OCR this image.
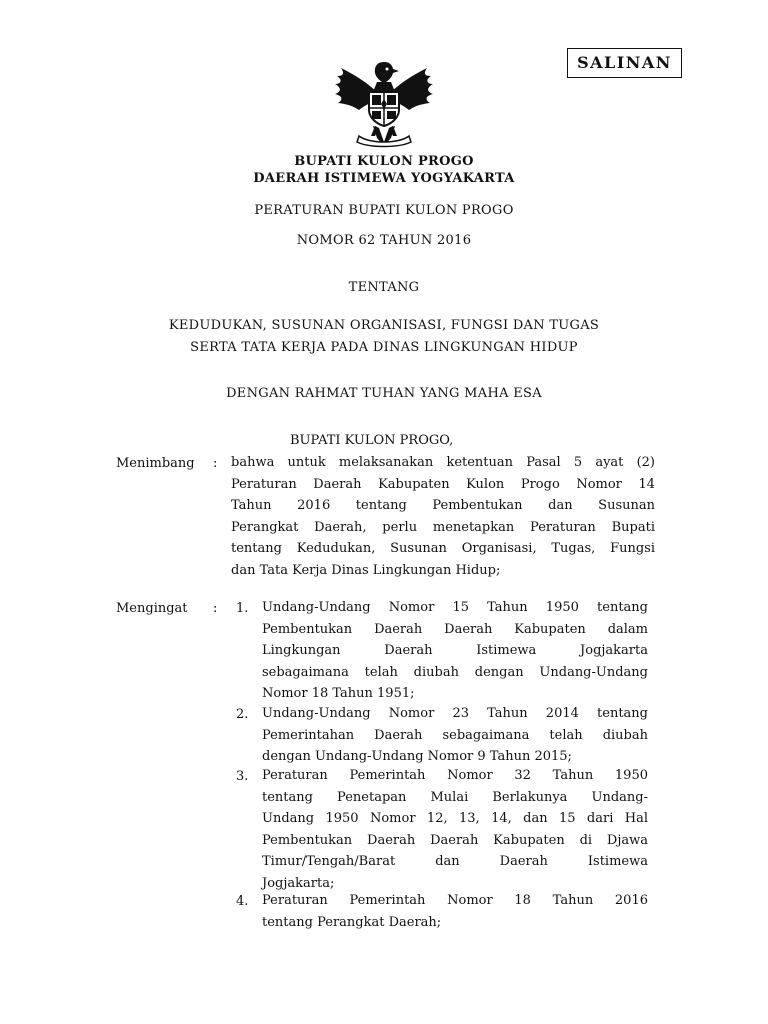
SALINAN
BUPATI KULON PROGO
DAERAH ISTIMEWA YOGYAKARTA
PERATURAN BUPATI KULON PROGO
NOMOR 62 TAHUN 2016
TENTANG
KEDUDUKAN, SUSUNAN ORGANISASI, FUNGSI DAN TUGAS
SERTA TATA KERJA PADA DINAS LINGKUNGAN HIDUP
DENGAN RAHMAT TUHAN YANG MAHA ESA
BUPATI KULON PROGO,
Menimbang : bahwa untuk melaksanakan ketentuan Pasal 5 ayat (2)
Peraturan Daerah Kabupaten Kulon Progo Nomor 14
Tahun 2016 tentang Pembentukan dan Susunan
Perangkat Daerah, perlu menetapkan Peraturan Bupati
tentang Kedudukan, Susunan Organisasi, Tugas, Fungsi
dan Tata Kerja Dinas Lingkungan Hidup;
Mengingat : 1. Undang-Undang Nomor 15 Tahun 1950 tentang
Pembentukan Daerah Daerah Kabupaten dalam
Lingkungan Daerah Istimewa Jogjakarta
sebagaimana telah diubah dengan Undang-Undang
Nomor 18 Tahun 1951;
2. Undang-Undang Nomor 23 Tahun 2014 tentang
Pemerintahan Daerah sebagaimana telah diubah
dengan Undang-Undang Nomor 9 Tahun 2015;
3. Peraturan Pemerintah Nomor 32 Tahun 1950
tentang Penetapan Mulai Berlakunya Undang-
Undang 1950 Nomor 12, 13, 14, dan 15 dari Hal
Pembentukan Daerah Daerah Kabupaten di Djawa
Timur/Tengah/Barat dan Daerah Istimewa
Jogjakarta;
4. Peraturan Pemerintah Nomor 18 Tahun 2016
tentang Perangkat Daerah;
